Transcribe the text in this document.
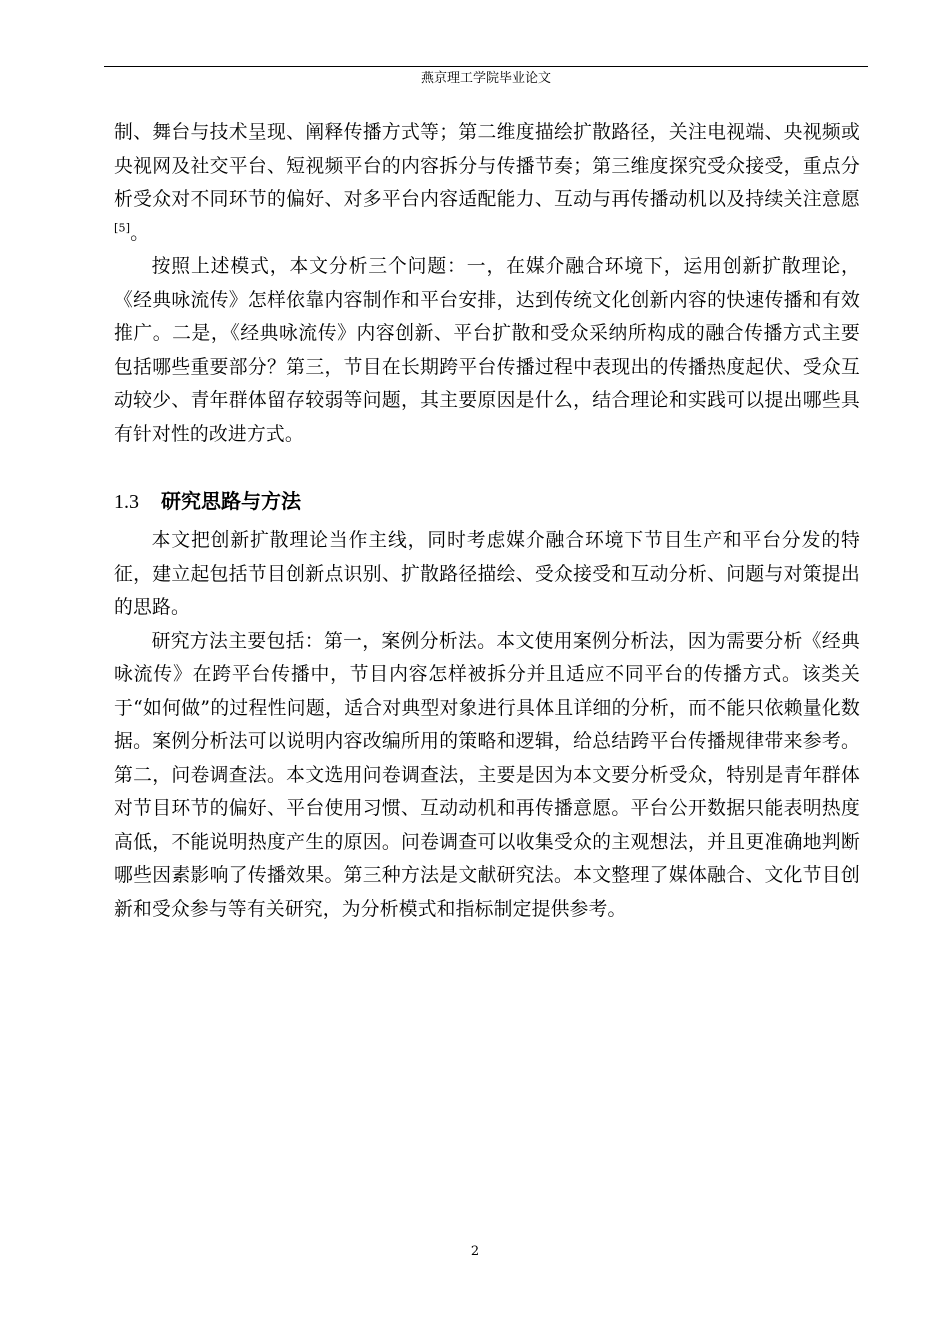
燕京理工学院毕业论文

制、舞台与技术呈现、阐释传播方式等；第二维度描绘扩散路径，关注电视端、央视频或央视网及社交平台、短视频平台的内容拆分与传播节奏；第三维度探究受众接受，重点分析受众对不同环节的偏好、对多平台内容适配能力、互动与再传播动机以及持续关注意愿[5]。

按照上述模式，本文分析三个问题：一，在媒介融合环境下，运用创新扩散理论，《经典咏流传》怎样依靠内容制作和平台安排，达到传统文化创新内容的快速传播和有效推广。二是，《经典咏流传》内容创新、平台扩散和受众采纳所构成的融合传播方式主要包括哪些重要部分？第三，节目在长期跨平台传播过程中表现出的传播热度起伏、受众互动较少、青年群体留存较弱等问题，其主要原因是什么，结合理论和实践可以提出哪些具有针对性的改进方式。

1.3 研究思路与方法

本文把创新扩散理论当作主线，同时考虑媒介融合环境下节目生产和平台分发的特征，建立起包括节目创新点识别、扩散路径描绘、受众接受和互动分析、问题与对策提出的思路。

研究方法主要包括：第一，案例分析法。本文使用案例分析法，因为需要分析《经典咏流传》在跨平台传播中，节目内容怎样被拆分并且适应不同平台的传播方式。该类关于“如何做”的过程性问题，适合对典型对象进行具体且详细的分析，而不能只依赖量化数据。案例分析法可以说明内容改编所用的策略和逻辑，给总结跨平台传播规律带来参考。第二，问卷调查法。本文选用问卷调查法，主要是因为本文要分析受众，特别是青年群体对节目环节的偏好、平台使用习惯、互动动机和再传播意愿。平台公开数据只能表明热度高低，不能说明热度产生的原因。问卷调查可以收集受众的主观想法，并且更准确地判断哪些因素影响了传播效果。第三种方法是文献研究法。本文整理了媒体融合、文化节目创新和受众参与等有关研究，为分析模式和指标制定提供参考。

2
